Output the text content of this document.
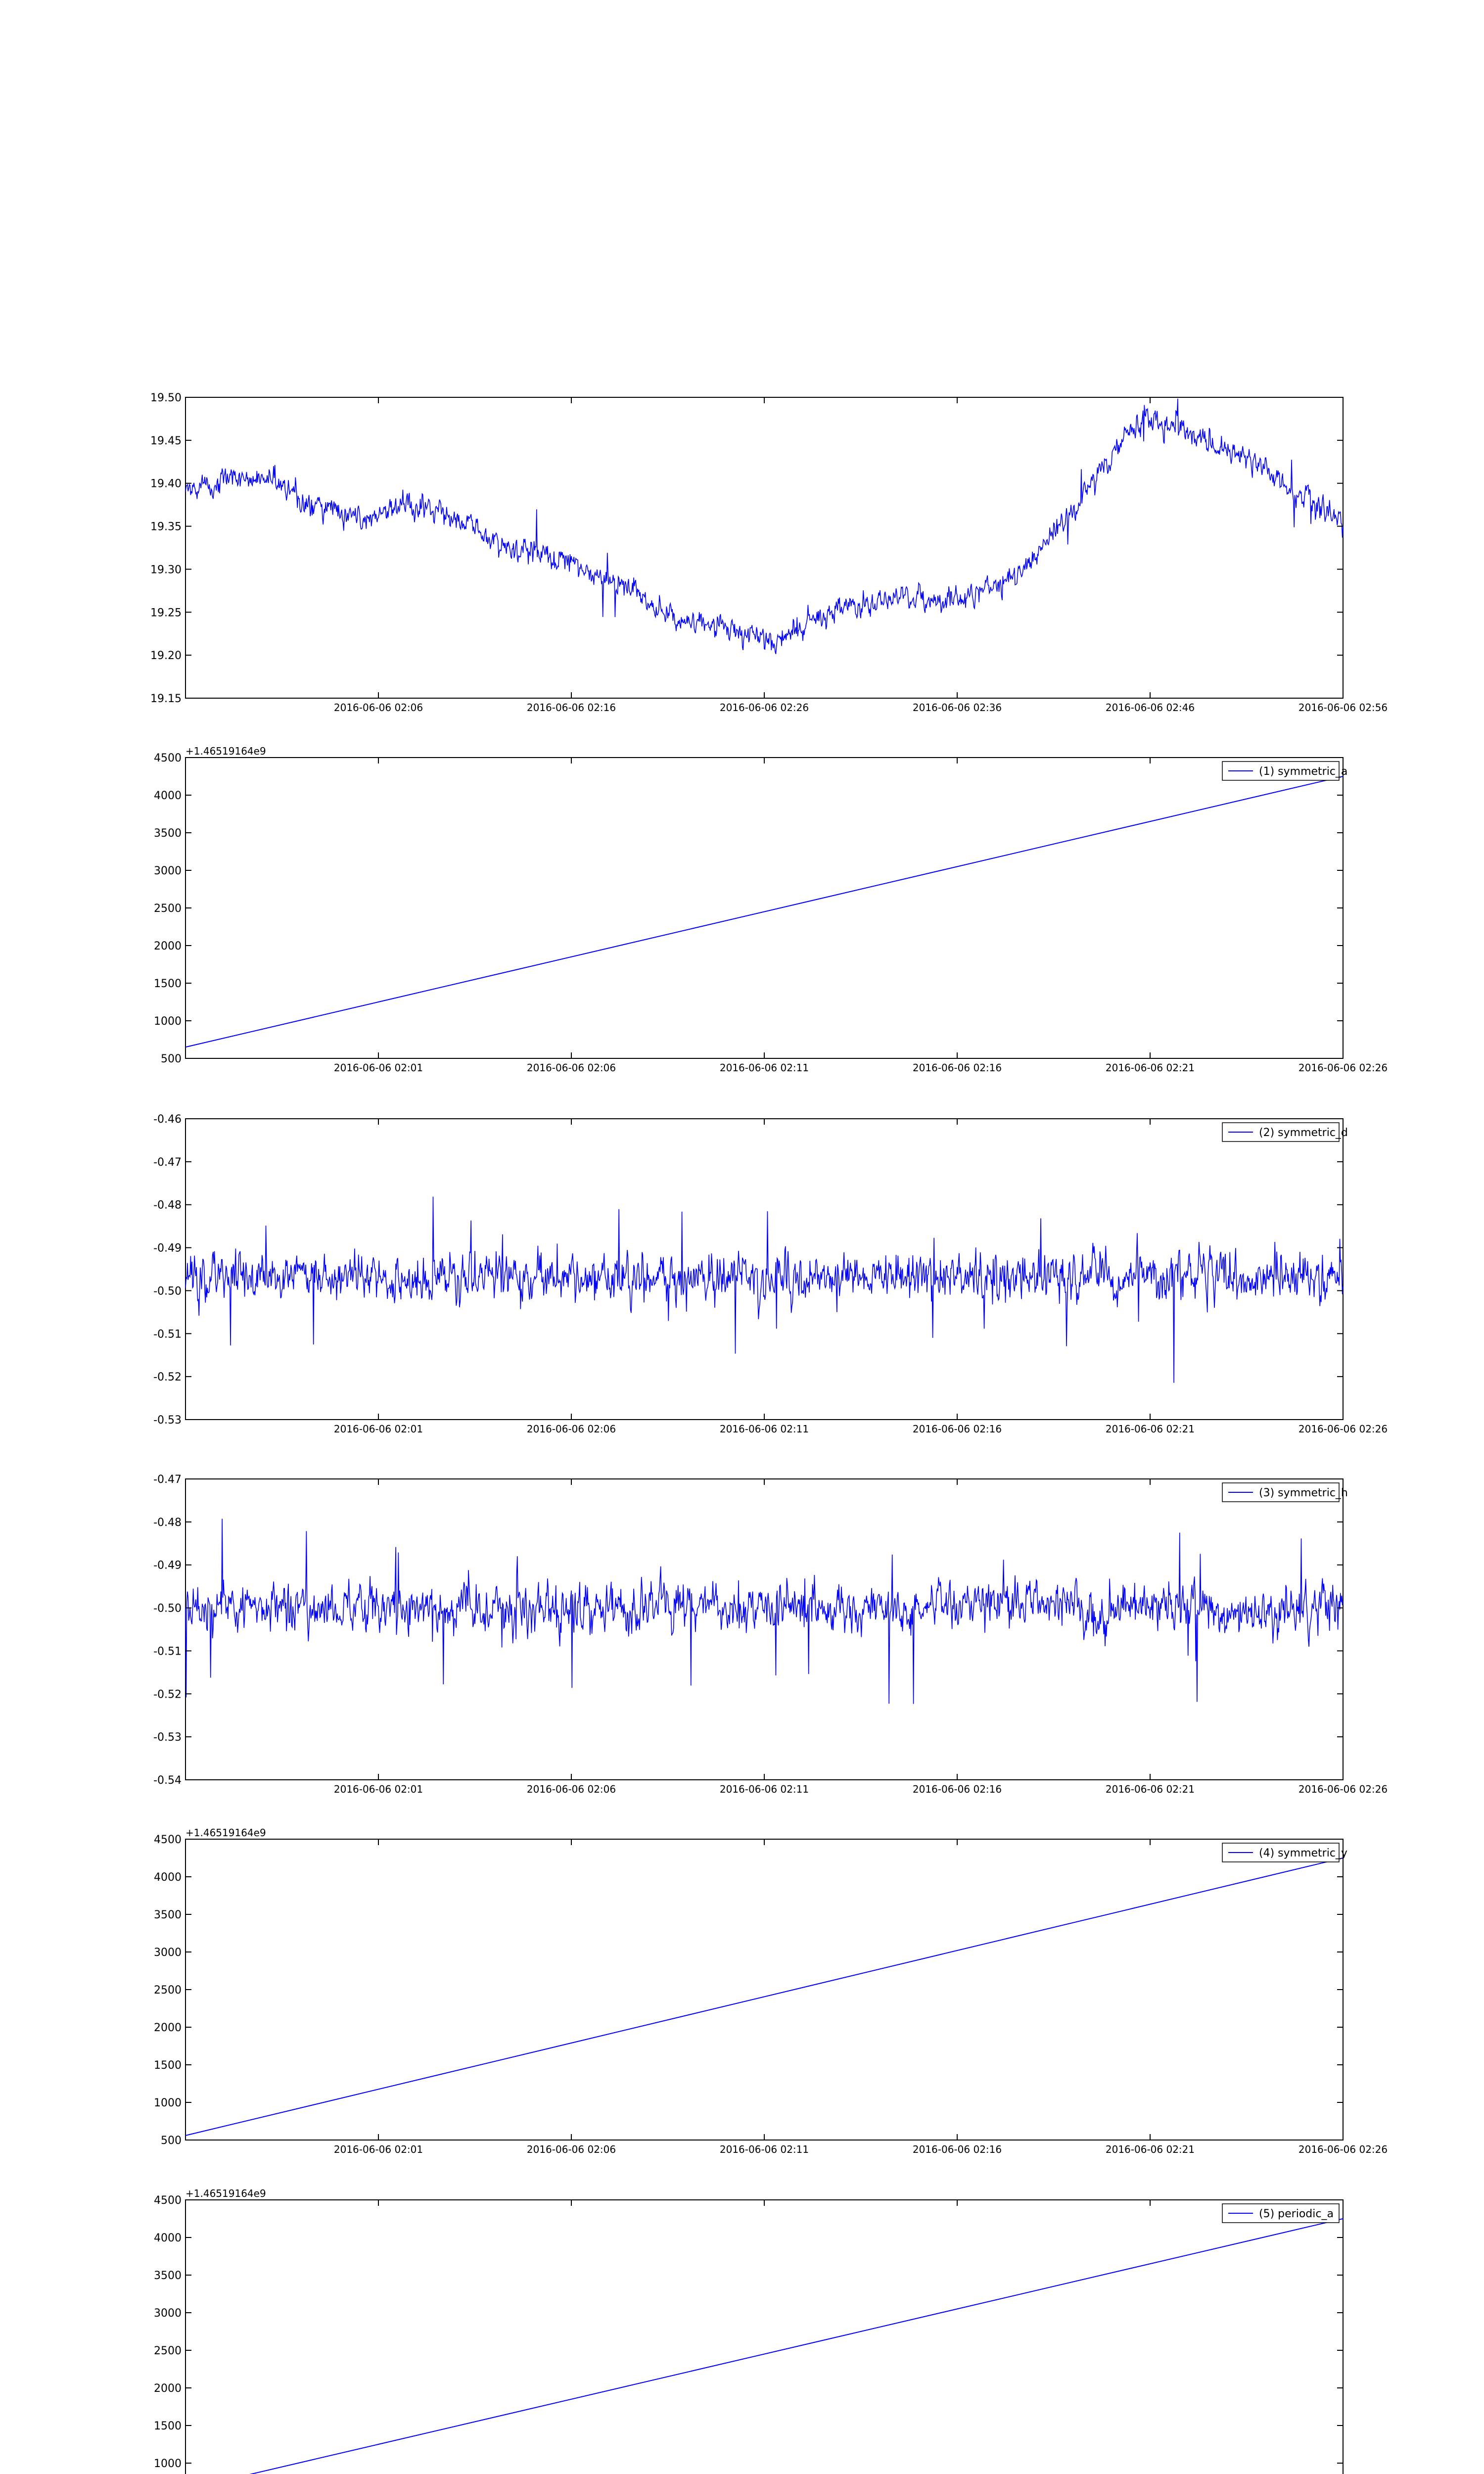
19.50
19.45
19.40
19.35
19.30
19.25
19.20
19.15
2016-06-06 02:06	2016-06-06 02:16	2016-06-06 02:26	2016-06-06 02:36	2016-06-06 02:46	2016-06-06 02:56
4500
4000
3500
3000
2500
2000
1500
1000
500
2016-06-06 02:01	2016-06-06 02:06	2016-06-06 02:11	2016-06-06 02:16	2016-06-06 02:21	2016-06-06 02:26
+1.46519164e9
(1) symmetric_a
-0.46
-0.47
-0.48
-0.49
-0.50
-0.51
-0.52
-0.53
2016-06-06 02:01	2016-06-06 02:06	2016-06-06 02:11	2016-06-06 02:16	2016-06-06 02:21	2016-06-06 02:26
(2) symmetric_d
-0.47
-0.48
-0.49
-0.50
-0.51
-0.52
-0.53
-0.54
2016-06-06 02:01	2016-06-06 02:06	2016-06-06 02:11	2016-06-06 02:16	2016-06-06 02:21	2016-06-06 02:26
(3) symmetric_h
4500
4000
3500
3000
2500
2000
1500
1000
500
2016-06-06 02:01	2016-06-06 02:06	2016-06-06 02:11	2016-06-06 02:16	2016-06-06 02:21	2016-06-06 02:26
+1.46519164e9
(4) symmetric_y
4500
4000
3500
3000
2500
2000
1500
1000
+1.46519164e9
(5) periodic_a
